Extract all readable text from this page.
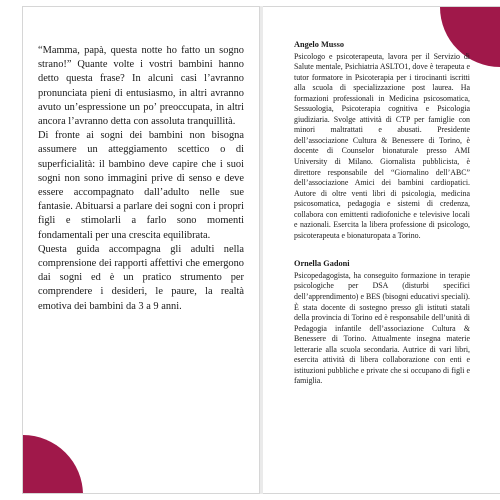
“Mamma, papà, questa notte ho fatto un sogno strano!” Quante volte i vostri bambini hanno detto questa frase? In alcuni casi l’avranno pronunciata pieni di entusiasmo, in altri avranno avuto un’espressione un po’ preoccupata, in altri ancora l’avranno detta con assoluta tranquillità.

Di fronte ai sogni dei bambini non bisogna assumere un atteggiamento scettico o di superficialità: il bambino deve capire che i suoi sogni non sono immagini prive di senso e deve essere accompagnato dall’adulto nelle sue fantasie. Abituarsi a parlare dei sogni con i propri figli e stimolarli a farlo sono momenti fondamentali per una crescita equilibrata.

Questa guida accompagna gli adulti nella comprensione dei rapporti affettivi che emergono dai sogni ed è un pratico strumento per comprendere i desideri, le paure, la realtà emotiva dei bambini da 3 a 9 anni.

Angelo Musso

Psicologo e psicoterapeuta, lavora per il Servizio di Salute mentale, Psichiatria ASLTO1, dove è terapeuta e tutor formatore in Psicoterapia per i tirocinanti iscritti alla scuola di specializzazione post laurea. Ha formazioni professionali in Medicina psicosomatica, Sessuologia, Psicoterapia cognitiva e Psicologia giudiziaria. Svolge attività di CTP per famiglie con minori maltrattati e abusati. Presidente dell’associazione Cultura & Benessere di Torino, è docente di Counselor bionaturale presso AMI University di Milano. Giornalista pubblicista, è direttore responsabile del “Giornalino dell’ABC” dell’associazione Amici dei bambini cardiopatici. Autore di oltre venti libri di psicologia, medicina psicosomatica, pedagogia e sistemi di credenza, collabora con emittenti radiofoniche e televisive locali e nazionali. Esercita la libera professione di psicologo, psicoterapeuta e bionaturopata a Torino.

Ornella Gadoni

Psicopedagogista, ha conseguito formazione in terapie psicologiche per DSA (disturbi specifici dell’apprendimento) e BES (bisogni educativi speciali). È stata docente di sostegno presso gli istituti statali della provincia di Torino ed è responsabile dell’unità di Pedagogia infantile dell’associazione Cultura & Benessere di Torino. Attualmente insegna materie letterarie alla scuola secondaria. Autrice di vari libri, esercita attività di libera collaborazione con enti e istituzioni pubbliche e private che si occupano di figli e famiglia.
